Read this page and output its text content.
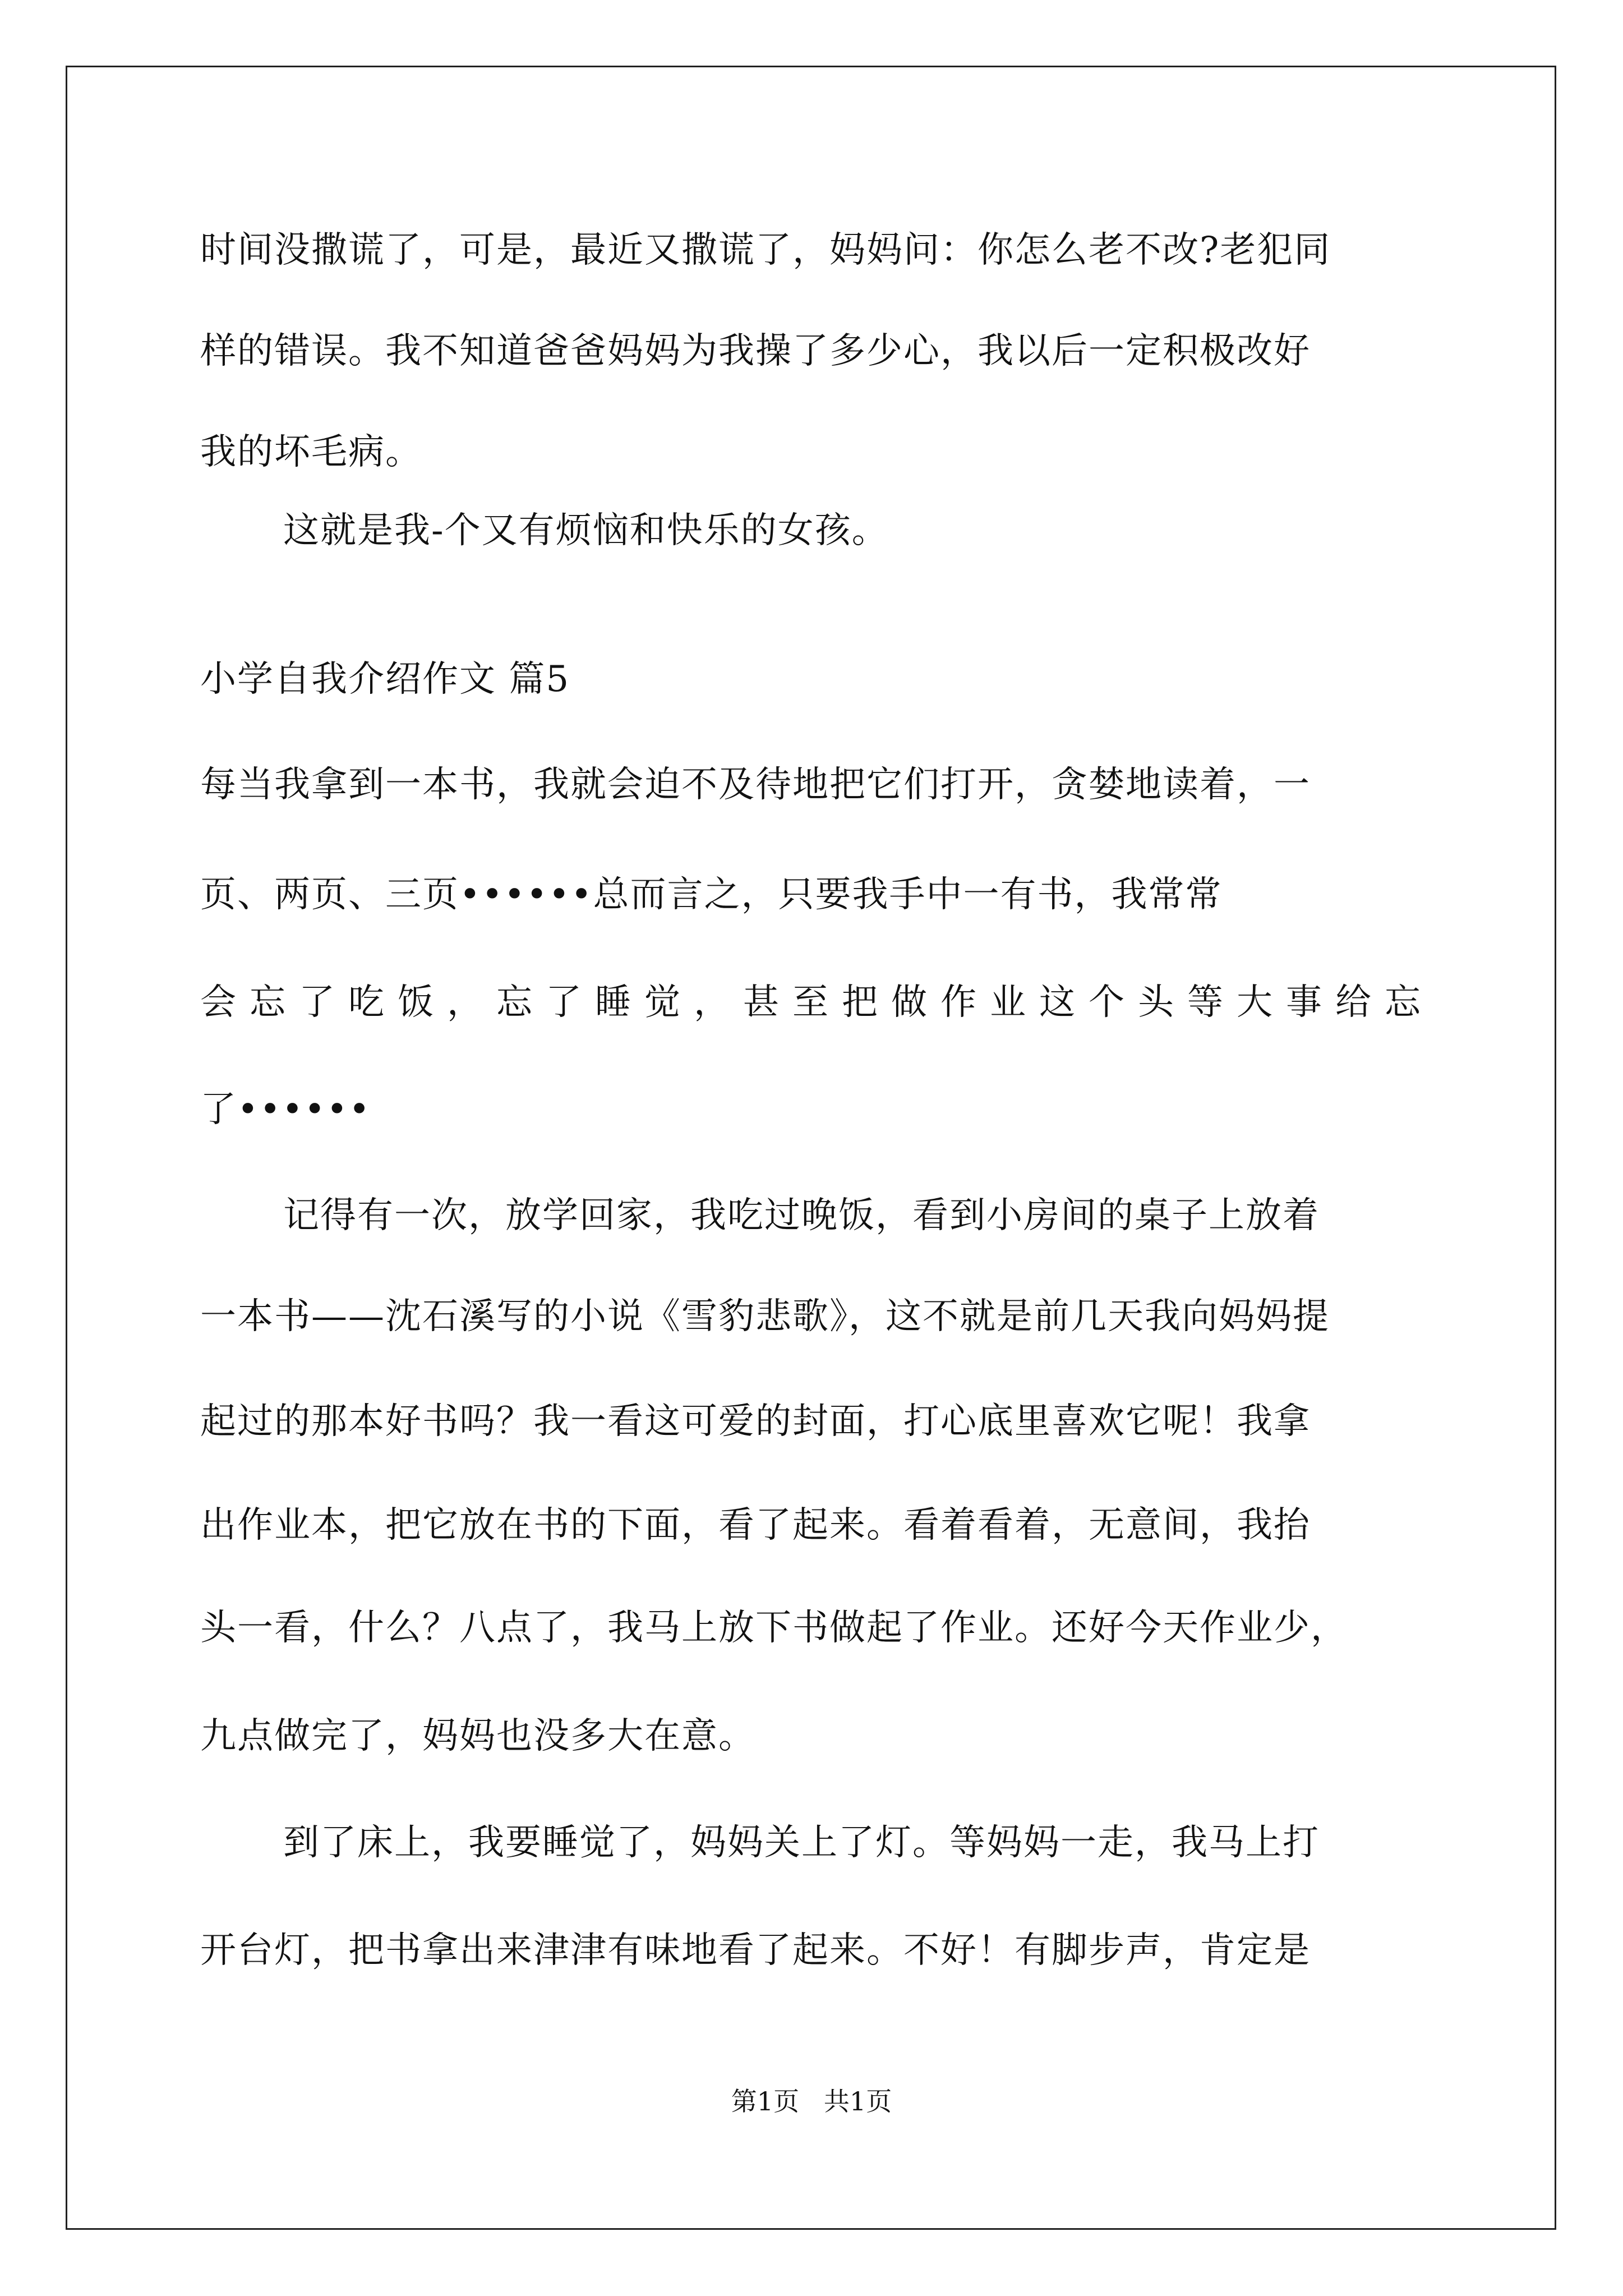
时间没撒谎了，可是，最近又撒谎了，妈妈问：你怎么老不改?老犯同
样的错误。我不知道爸爸妈妈为我操了多少心，我以后一定积极改好
我的坏毛病。
这就是我-个又有烦恼和快乐的女孩。
小学自我介绍作文 篇5
每当我拿到一本书，我就会迫不及待地把它们打开，贪婪地读着，一
页、两页、三页••••••总而言之，只要我手中一有书，我常常
会忘了吃饭，忘了睡觉，甚至把做作业这个头等大事给忘
了••••••
记得有一次，放学回家，我吃过晚饭，看到小房间的桌子上放着
一本书——沈石溪写的小说《雪豹悲歌》，这不就是前几天我向妈妈提
起过的那本好书吗？我一看这可爱的封面，打心底里喜欢它呢！我拿
出作业本，把它放在书的下面，看了起来。看着看着，无意间，我抬
头一看，什么？八点了，我马上放下书做起了作业。还好今天作业少，
九点做完了，妈妈也没多大在意。
到了床上，我要睡觉了，妈妈关上了灯。等妈妈一走，我马上打
开台灯，把书拿出来津津有味地看了起来。不好！有脚步声，肯定是
第1页   共1页
